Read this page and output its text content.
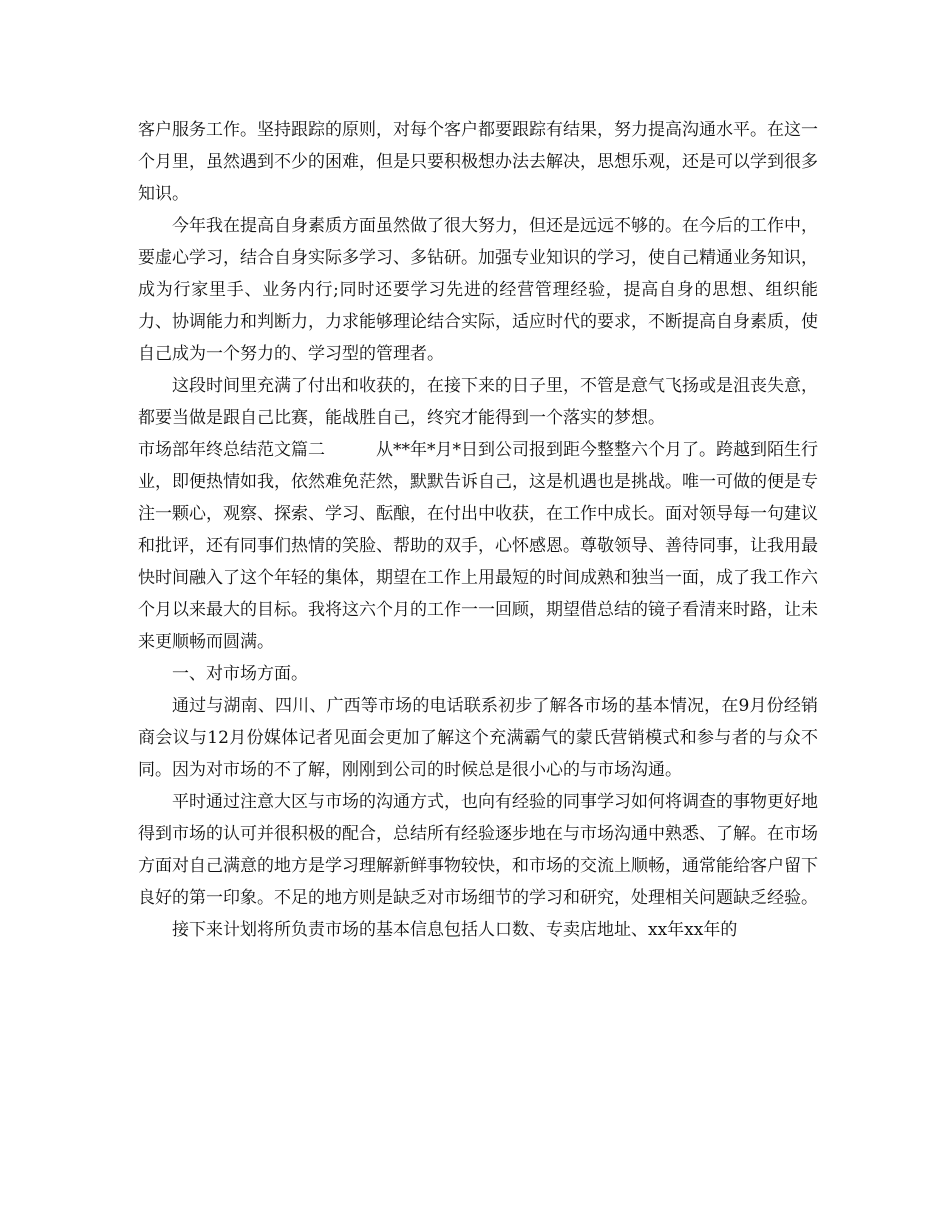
客户服务工作。坚持跟踪的原则，对每个客户都要跟踪有结果，努力提高沟通水平。在这一个月里，虽然遇到不少的困难，但是只要积极想办法去解决，思想乐观，还是可以学到很多知识。

今年我在提高自身素质方面虽然做了很大努力，但还是远远不够的。在今后的工作中，要虚心学习，结合自身实际多学习、多钻研。加强专业知识的学习，使自己精通业务知识，成为行家里手、业务内行;同时还要学习先进的经营管理经验，提高自身的思想、组织能力、协调能力和判断力，力求能够理论结合实际，适应时代的要求，不断提高自身素质，使自己成为一个努力的、学习型的管理者。

这段时间里充满了付出和收获的，在接下来的日子里，不管是意气飞扬或是沮丧失意，都要当做是跟自己比赛，能战胜自己，终究才能得到一个落实的梦想。

市场部年终总结范文篇二　　　从**年*月*日到公司报到距今整整六个月了。跨越到陌生行业，即便热情如我，依然难免茫然，默默告诉自己，这是机遇也是挑战。唯一可做的便是专注一颗心，观察、探索、学习、酝酿，在付出中收获，在工作中成长。面对领导每一句建议和批评，还有同事们热情的笑脸、帮助的双手，心怀感恩。尊敬领导、善待同事，让我用最快时间融入了这个年轻的集体，期望在工作上用最短的时间成熟和独当一面，成了我工作六个月以来最大的目标。我将这六个月的工作一一回顾，期望借总结的镜子看清来时路，让未来更顺畅而圆满。

一、对市场方面。

通过与湖南、四川、广西等市场的电话联系初步了解各市场的基本情况，在9月份经销商会议与12月份媒体记者见面会更加了解这个充满霸气的蒙氏营销模式和参与者的与众不同。因为对市场的不了解，刚刚到公司的时候总是很小心的与市场沟通。

平时通过注意大区与市场的沟通方式，也向有经验的同事学习如何将调查的事物更好地得到市场的认可并很积极的配合，总结所有经验逐步地在与市场沟通中熟悉、了解。在市场方面对自己满意的地方是学习理解新鲜事物较快，和市场的交流上顺畅，通常能给客户留下良好的第一印象。不足的地方则是缺乏对市场细节的学习和研究，处理相关问题缺乏经验。

接下来计划将所负责市场的基本信息包括人口数、专卖店地址、xx年xx年的
